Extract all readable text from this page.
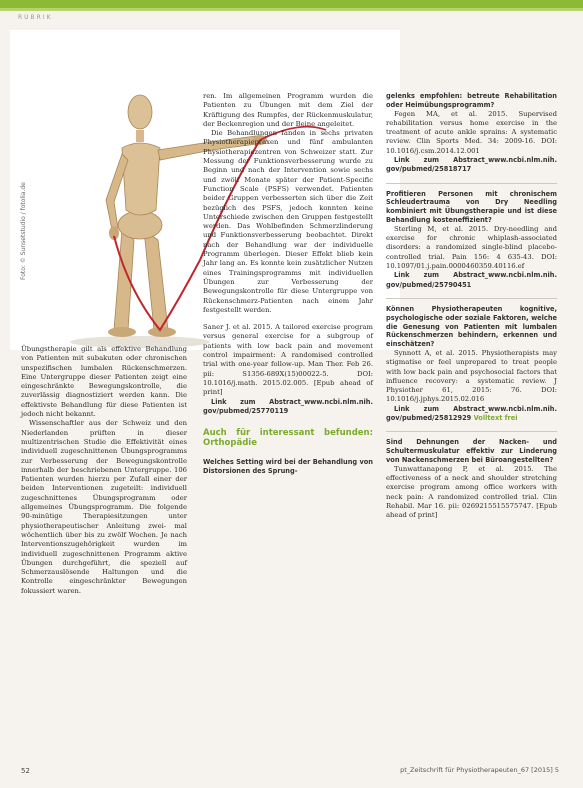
RUBRIK
Foto: © Sunsetstudio / fotolia.de

Übungstherapie gilt als effektive Behandlung von Patienten mit subakuten oder chronischen unspezifischen lumbalen Rückenschmerzen. Eine Untergruppe dieser Patienten zeigt eine eingeschränkte Bewegungskontrolle, die zuverlässig diagnostiziert werden kann. Die effektivste Behandlung für diese Patienten ist jedoch nicht bekannt.

Wissenschaftler aus der Schweiz und den Niederlanden prüften in dieser multizentrischen Studie die Effektivität eines individuell zugeschnittenen Übungsprogramms zur Verbesserung der Bewegungskontrolle innerhalb der beschriebenen Untergruppe. 106 Patienten wurden hierzu per Zufall einer der beiden Interventionen zugeteilt: individuell zugeschnittenes Übungsprogramm oder allgemeines Übungsprogramm. Die folgende 90-minütige Therapiesitzungen unter physiotherapeutischer Anleitung zwei- mal wöchentlich über bis zu zwölf Wochen. Je nach Interventionszugehörigkeit wurden im individuell zugeschnittenen Programm aktive Übungen durchgeführt, die speziell auf Schmerzauslösende Haltungen und die Kontrolle eingeschränkter Bewegungen fokussiert waren.

ren. Im allgemeinen Programm wurden die Patienten zu Übungen mit dem Ziel der Kräftigung des Rumpfes, der Rückenmuskulatur, der Beckenregion und der Beine angeleitet.

Die Behandlungen fanden in sechs privaten Physiotherapiepraxen und fünf ambulanten Physiotherapiezentren von Schweizer statt. Zur Messung der Funktionsverbesserung wurde zu Beginn und nach der Intervention sowie sechs und zwölf Monate später der Patient-Specific Function Scale (PSFS) verwendet. Patienten beider Gruppen verbesserten sich über die Zeit bezüglich des PSFS, jedoch konnten keine Unterschiede zwischen den Gruppen festgestellt werden. Das Wohlbefinden Schmerzlinderung und Funktionsverbesserung beobachtet. Direkt nach der Behandlung war der individuelle Programm überlegen. Dieser Effekt blieb kein Jahr lang an. Es konnte kein zusätzlicher Nutzen eines Trainingsprogramms mit individuellen Übungen zur Verbesserung der Bewegungskontrolle für diese Untergruppe von Rückenschmerz-Patienten nach einem Jahr festgestellt werden.

Saner J. et al. 2015. A tailored exercise program versus general exercise for a subgroup of patients with low back pain and movement control impairment: A randomised controlled trial with one-year follow-up. Man Ther. Feb 26. pii: S1356-689X(15)00022-5. DOI: 10.1016/j.math. 2015.02.005. [Epub ahead of print]

Link zum Abstract_www.ncbi.nlm.nih. gov/pubmed/25770119

Auch für interessant befunden: Orthopädie

Welches Setting wird bei der Behandlung von Distorsionen des Sprung-

gelenks empfohlen: betreute Rehabilitation oder Heimübungsprogramm?

Fegen MA, et al. 2015. Supervised rehabilitation versus home exercise in the treatment of acute ankle sprains: A systematic review. Clin Sports Med. 34: 2009-16. DOI: 10.1016/j.csm.2014.12.001

Link zum Abstract_www.ncbi.nlm.nih. gov/pubmed/25818717

Profitieren Personen mit chronischem Schleudertrauma von Dry Needling kombiniert mit Übungstherapie und ist diese Behandlung kosteneffizient?

Sterling M, et al. 2015. Dry-needling and exercise for chronic whiplash-associated disorders: a randomized single-blind placebo-controlled trial. Pain 156: 4 635-43. DOI: 10.1097/01.j.pain.0000460359.40116.ef

Link zum Abstract_www.ncbi.nlm.nih. gov/pubmed/25790451

Können Physiotherapeuten kognitive, psychologische oder soziale Faktoren, welche die Genesung von Patienten mit lumbalen Rückenschmerzen behindern, erkennen und einschätzen?

Synnott A, et al. 2015. Physiotherapists may stigmatise or feel unprepared to treat people with low back pain and psychosocial factors that influence recovery: a systematic review. J Physiother 61, 2015: 76. DOI: 10.1016/j.jphys.2015.02.016

Link zum Abstract_www.ncbi.nlm.nih. gov/pubmed/25812929 Volltext frei

Sind Dehnungen der Nacken- und Schultermuskulatur effektiv zur Linderung von Nackenschmerzen bei Büroangestellten?

Tunwattanapong P, et al. 2015. The effectiveness of a neck and shoulder stretching exercise program among office workers with neck pain: A randomized controlled trial. Clin Rehabil. Mar 16. pii: 0269215515575747. [Epub ahead of print]

52	pt_Zeitschrift für Physiotherapeuten_67 [2015] 5
